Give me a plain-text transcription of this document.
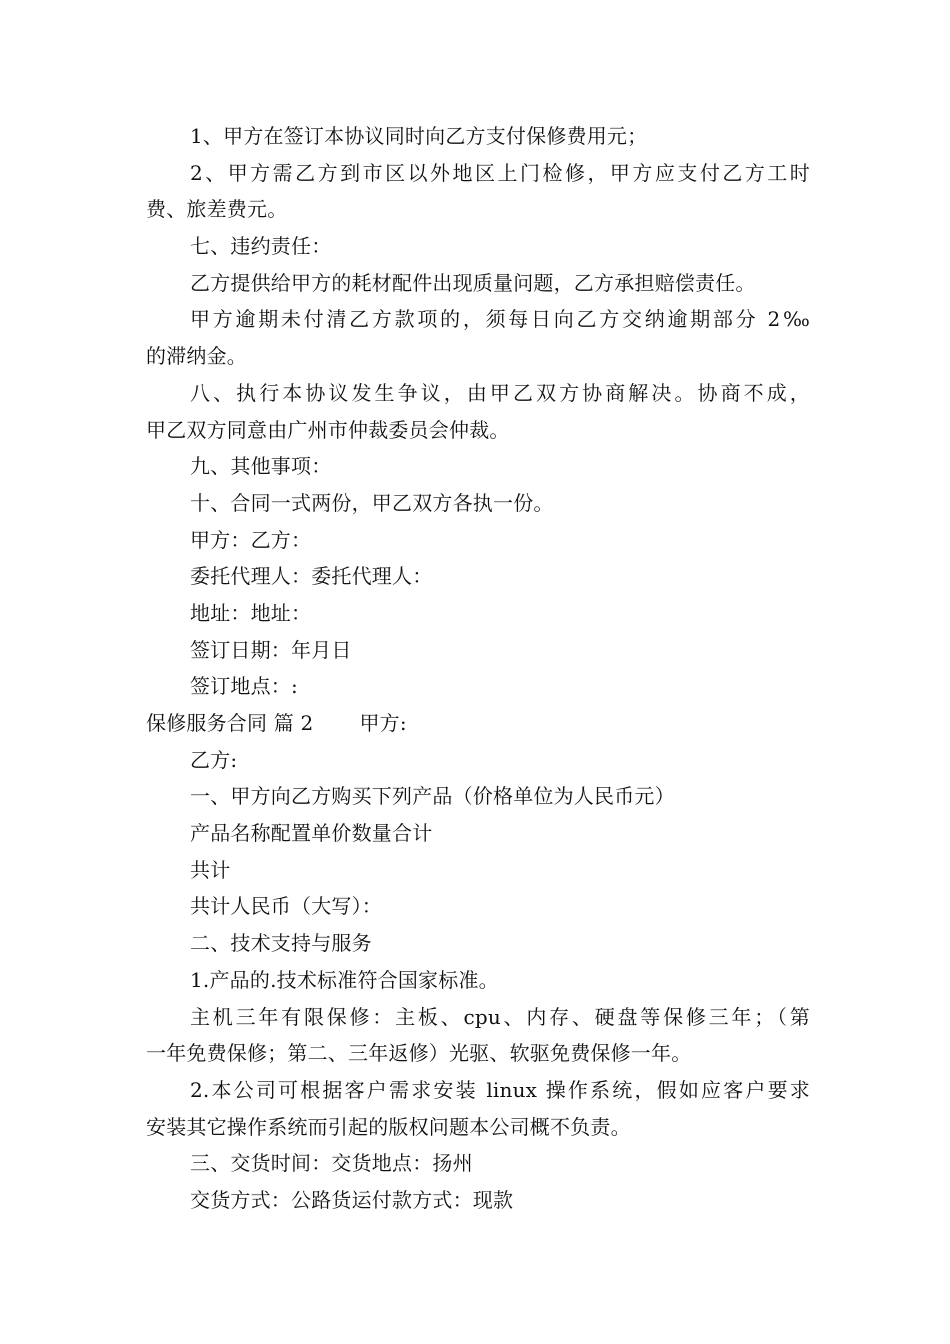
1、甲方在签订本协议同时向乙方支付保修费用元；
2、甲方需乙方到市区以外地区上门检修，甲方应支付乙方工时
费、旅差费元。
七、违约责任：
乙方提供给甲方的耗材配件出现质量问题，乙方承担赔偿责任。
甲方逾期未付清乙方款项的，须每日向乙方交纳逾期部分 2‰
的滞纳金。
八、执行本协议发生争议，由甲乙双方协商解决。协商不成，
甲乙双方同意由广州市仲裁委员会仲裁。
九、其他事项：
十、合同一式两份，甲乙双方各执一份。
甲方：乙方：
委托代理人：委托代理人：
地址：地址：
签订日期：年月日
签订地点：:
保修服务合同 篇 2 甲方:
乙方:
一、甲方向乙方购买下列产品（价格单位为人民币元）
产品名称配置单价数量合计
共计
共计人民币（大写）：
二、技术支持与服务
1.产品的.技术标准符合国家标准。
主机三年有限保修：主板、cpu、内存、硬盘等保修三年；（第
一年免费保修；第二、三年返修）光驱、软驱免费保修一年。
2.本公司可根据客户需求安装 linux 操作系统，假如应客户要求
安装其它操作系统而引起的版权问题本公司概不负责。
三、交货时间：交货地点：扬州
交货方式：公路货运付款方式：现款
